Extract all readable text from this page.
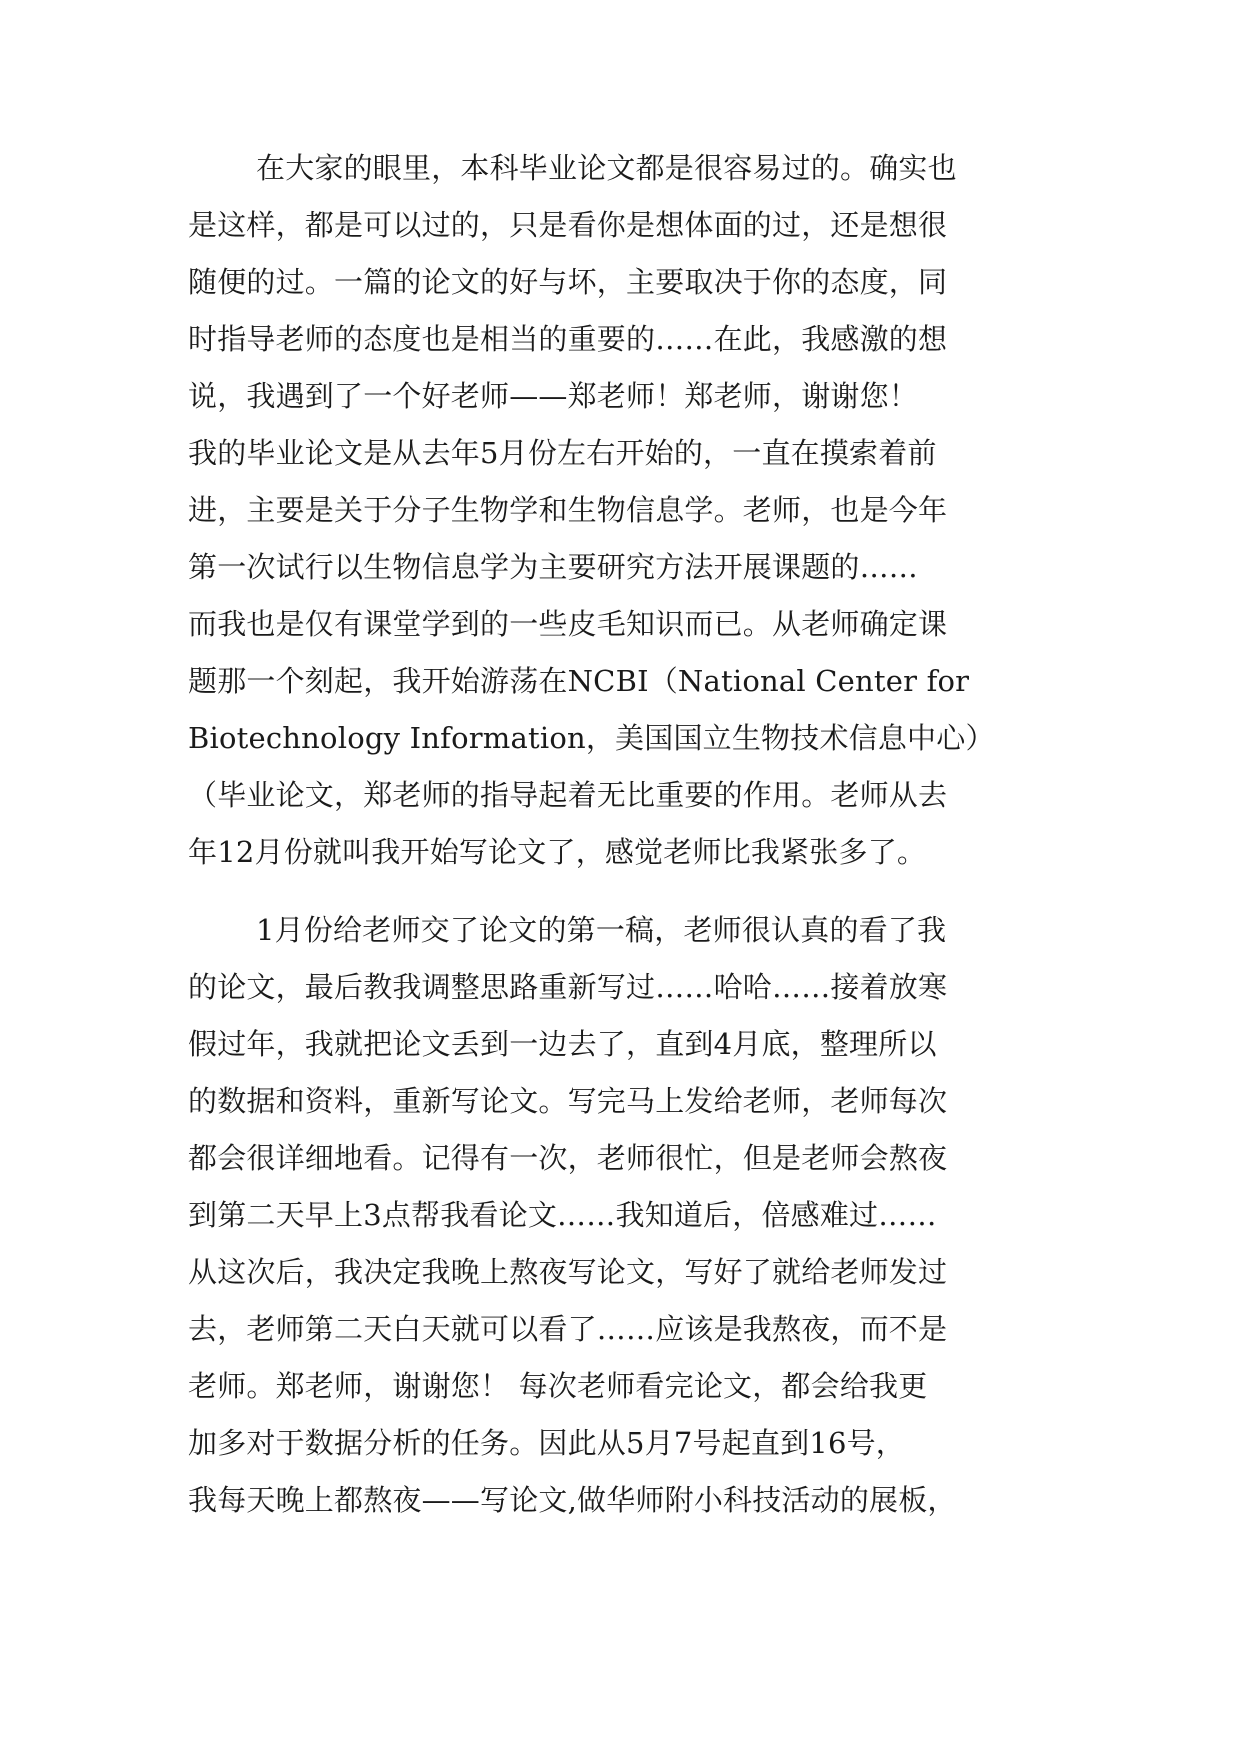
在大家的眼里，本科毕业论文都是很容易过的。确实也
是这样，都是可以过的，只是看你是想体面的过，还是想很
随便的过。一篇的论文的好与坏，主要取决于你的态度，同
时指导老师的态度也是相当的重要的……在此，我感激的想
说，我遇到了一个好老师——郑老师！郑老师，谢谢您！
我的毕业论文是从去年5月份左右开始的，一直在摸索着前
进，主要是关于分子生物学和生物信息学。老师，也是今年
第一次试行以生物信息学为主要研究方法开展课题的……
而我也是仅有课堂学到的一些皮毛知识而已。从老师确定课
题那一个刻起，我开始游荡在NCBI（National Center for
Biotechnology Information，美国国立生物技术信息中心）
（毕业论文，郑老师的指导起着无比重要的作用。老师从去
年12月份就叫我开始写论文了，感觉老师比我紧张多了。
1月份给老师交了论文的第一稿，老师很认真的看了我
的论文，最后教我调整思路重新写过……哈哈……接着放寒
假过年，我就把论文丢到一边去了，直到4月底，整理所以
的数据和资料，重新写论文。写完马上发给老师，老师每次
都会很详细地看。记得有一次，老师很忙，但是老师会熬夜
到第二天早上3点帮我看论文……我知道后，倍感难过……
从这次后，我决定我晚上熬夜写论文，写好了就给老师发过
去，老师第二天白天就可以看了……应该是我熬夜，而不是
老师。郑老师，谢谢您！ 每次老师看完论文，都会给我更
加多对于数据分析的任务。因此从5月7号起直到16号，
我每天晚上都熬夜——写论文,做华师附小科技活动的展板，
